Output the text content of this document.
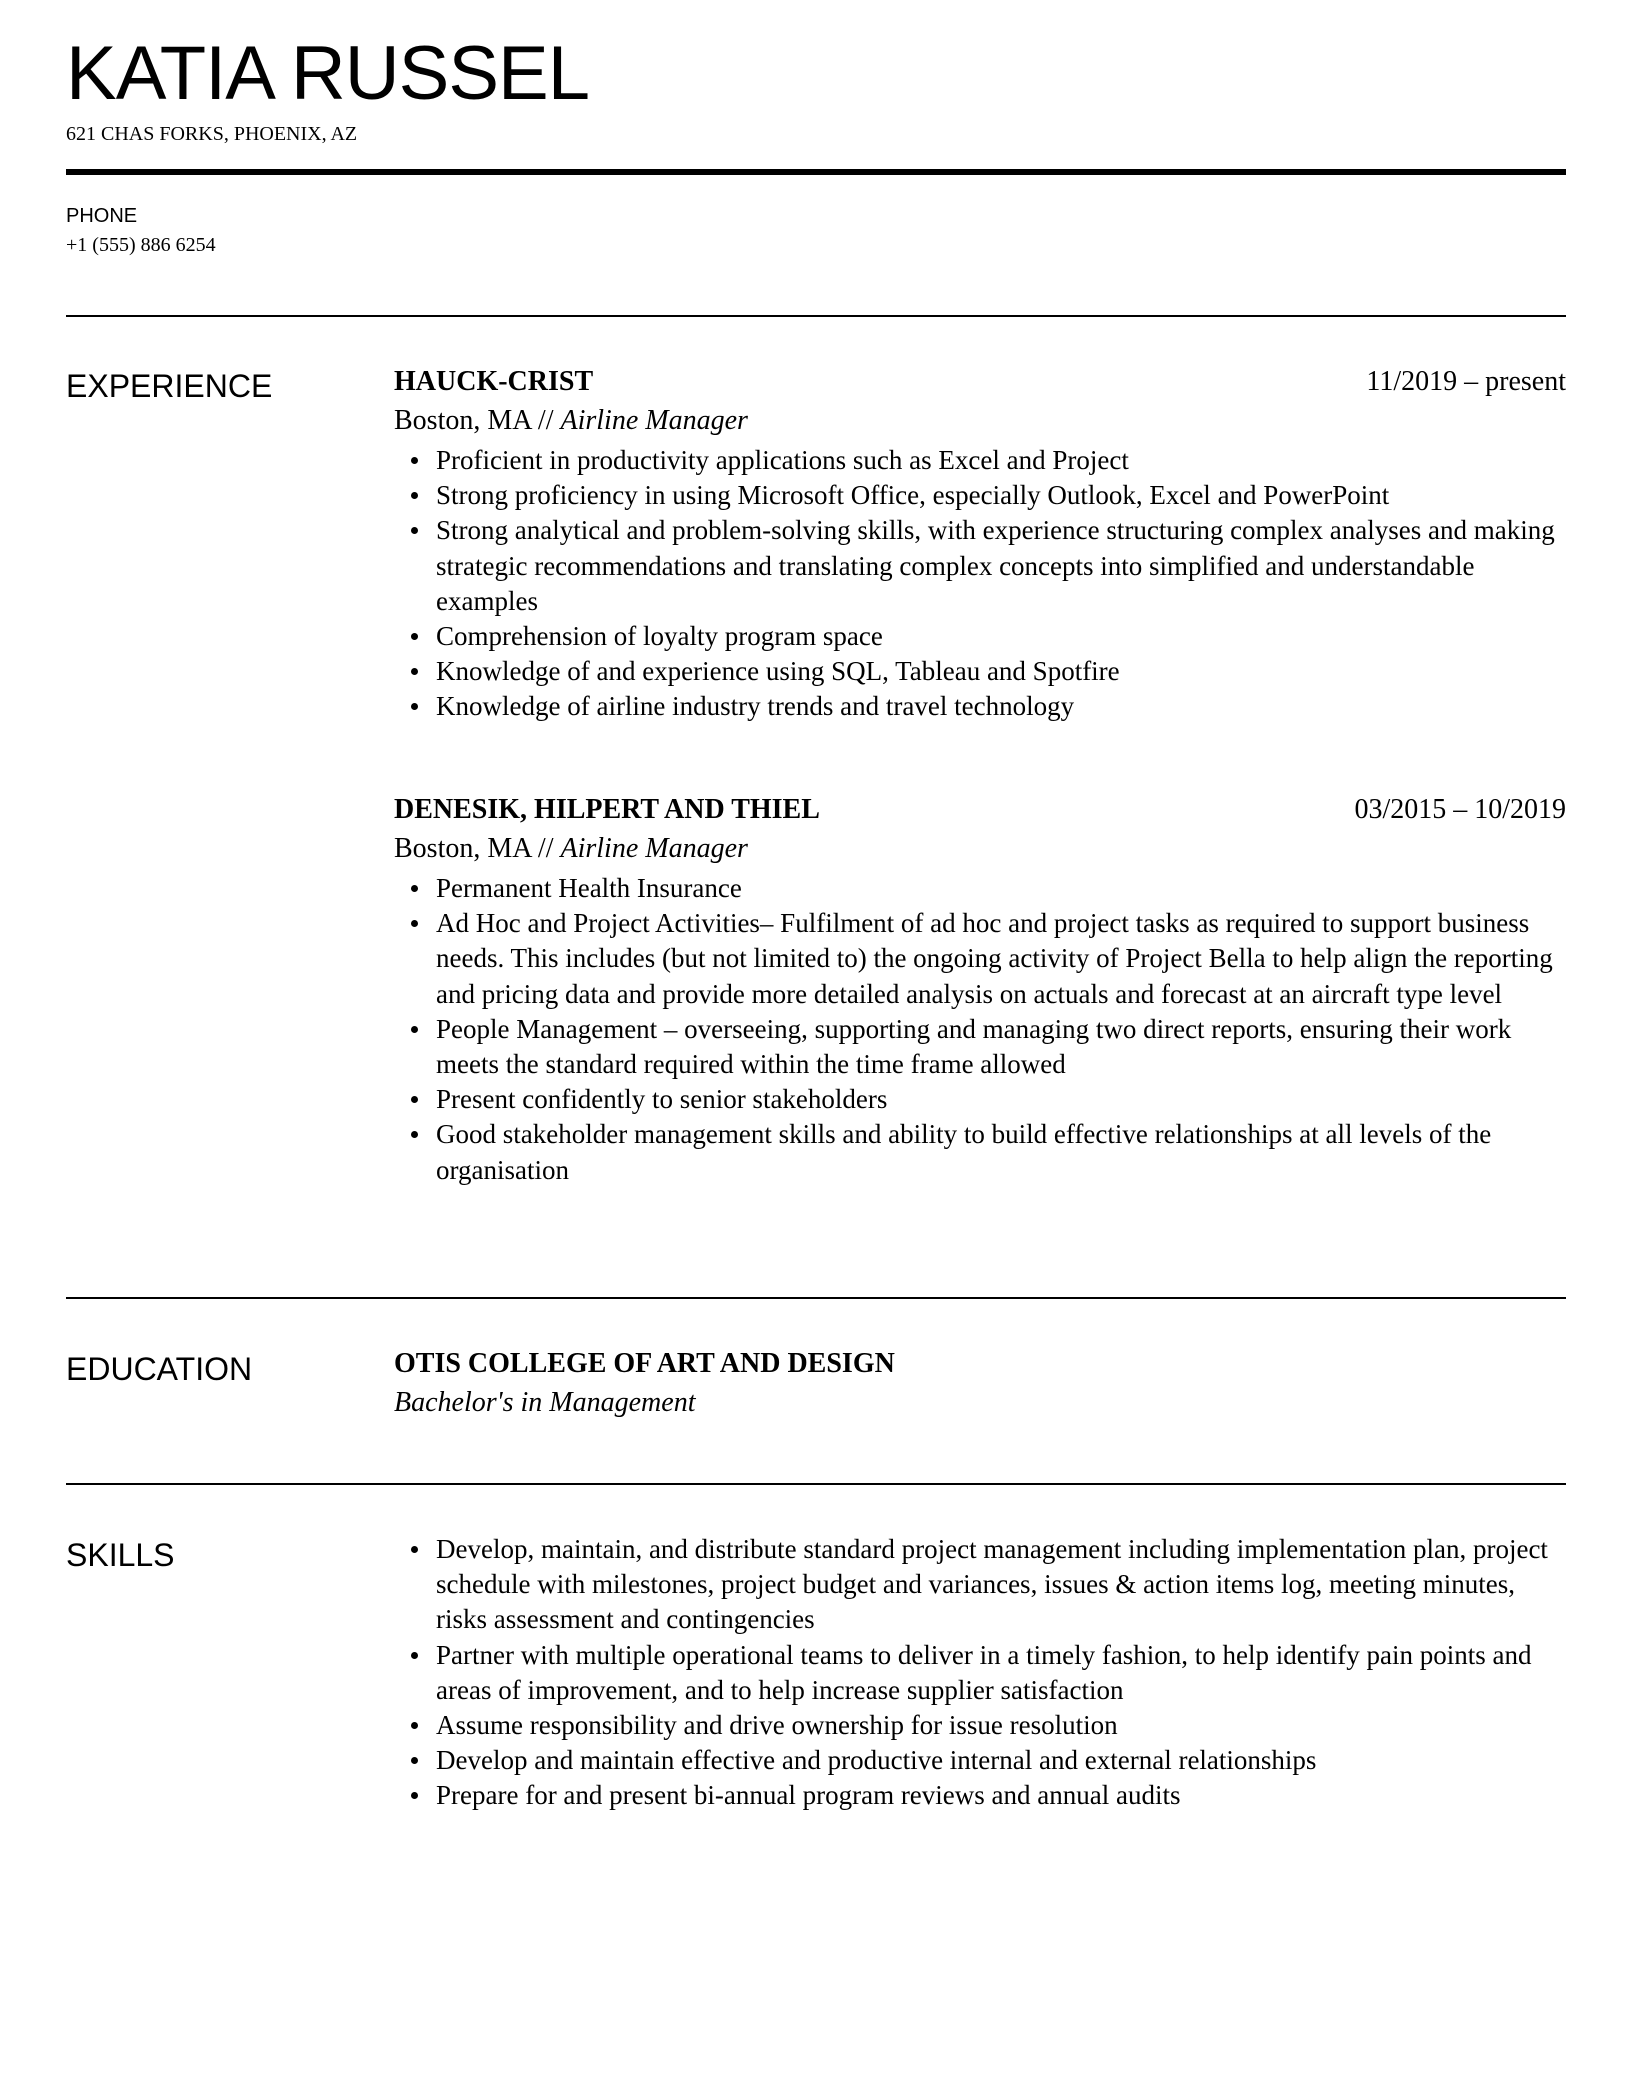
KATIA RUSSEL
621 CHAS FORKS, PHOENIX, AZ
PHONE
+1 (555) 886 6254
EXPERIENCE	HAUCK-CRIST	11/2019 – present
Boston, MA // Airline Manager
Proficient in productivity applications such as Excel and Project
Strong proficiency in using Microsoft Office, especially Outlook, Excel and PowerPoint
Strong analytical and problem-solving skills, with experience structuring complex analyses and making strategic recommendations and translating complex concepts into simplified and understandable examples
Comprehension of loyalty program space
Knowledge of and experience using SQL, Tableau and Spotfire
Knowledge of airline industry trends and travel technology
DENESIK, HILPERT AND THIEL	03/2015 – 10/2019
Boston, MA // Airline Manager
Permanent Health Insurance
Ad Hoc and Project Activities– Fulfilment of ad hoc and project tasks as required to support business needs. This includes (but not limited to) the ongoing activity of Project Bella to help align the reporting and pricing data and provide more detailed analysis on actuals and forecast at an aircraft type level
People Management – overseeing, supporting and managing two direct reports, ensuring their work meets the standard required within the time frame allowed
Present confidently to senior stakeholders
Good stakeholder management skills and ability to build effective relationships at all levels of the organisation
EDUCATION	OTIS COLLEGE OF ART AND DESIGN
Bachelor's in Management
SKILLS	Develop, maintain, and distribute standard project management including implementation plan, project schedule with milestones, project budget and variances, issues & action items log, meeting minutes, risks assessment and contingencies
Partner with multiple operational teams to deliver in a timely fashion, to help identify pain points and areas of improvement, and to help increase supplier satisfaction
Assume responsibility and drive ownership for issue resolution
Develop and maintain effective and productive internal and external relationships
Prepare for and present bi-annual program reviews and annual audits
